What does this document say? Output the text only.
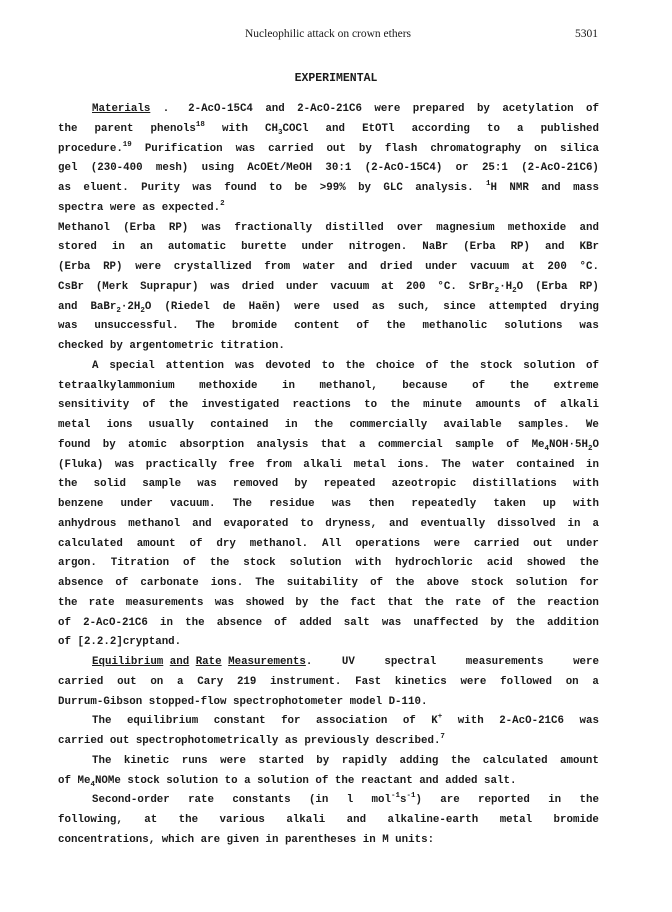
Nucleophilic attack on crown ethers	5301
EXPERIMENTAL
Materials . 2-AcO-15C4 and 2-AcO-21C6 were prepared by acetylation of
the parent phenols$^{18}$ with $CH_3COCl$ and EtOTl according to a published
procedure.$^{19}$ Purification was carried out by flash chromatography on silica
gel (230-400 mesh) using AcOEt/MeOH 30:1 (2-AcO-15C4) or 25:1 (2-AcO-21C6)
as eluent. Purity was found to be >99% by GLC analysis. $^1$H NMR and mass
spectra were as expected.$^2$
Methanol (Erba RP) was fractionally distilled over magnesium methoxide and
stored in an automatic burette under nitrogen. NaBr (Erba RP) and KBr
(Erba RP) were crystallized from water and dried under vacuum at 200 °C.
CsBr (Merk Suprapur) was dried under vacuum at 200 °C. $SrBr_2\cdot H_2O$ (Erba RP)
and $BaBr_2\cdot 2H_2O$ (Riedel de Haën) were used as such, since attempted drying
was unsuccessful. The bromide content of the methanolic solutions was
checked by argentometric titration.
A special attention was devoted to the choice of the stock solution of
tetraalkylammonium methoxide in methanol, because of the extreme
sensitivity of the investigated reactions to the minute amounts of alkali
metal ions usually contained in the commercially available samples. We
found by atomic absorption analysis that a commercial sample of $Me_4NOH\cdot 5H_2O$
(Fluka) was practically free from alkali metal ions. The water contained in
the solid sample was removed by repeated azeotropic distillations with
benzene under vacuum. The residue was then repeatedly taken up with
anhydrous methanol and evaporated to dryness, and eventually dissolved in a
calculated amount of dry methanol. All operations were carried out under
argon. Titration of the stock solution with hydrochloric acid showed the
absence of carbonate ions. The suitability of the above stock solution for
the rate measurements was showed by the fact that the rate of the reaction
of 2-AcO-21C6 in the absence of added salt was unaffected by the addition
of [2.2.2]cryptand.
Equilibrium and Rate Measurements.	UV	spectral	measurements	were
carried out on a Cary 219 instrument. Fast kinetics were followed on a
Durrum-Gibson stopped-flow spectrophotometer model D-110.
The equilibrium constant for association of K+ with 2-AcO-21C6 was
carried out spectrophotometrically as previously described.$^7$
The kinetic runs were started by rapidly adding the calculated amount
of $Me_4NOMe$ stock solution to a solution of the reactant and added salt.
Second-order rate constants (in l $mol^{-1}s^{-1}$) are reported in the
following, at the various alkali and alkaline-earth metal bromide
concentrations, which are given in parentheses in M units:
